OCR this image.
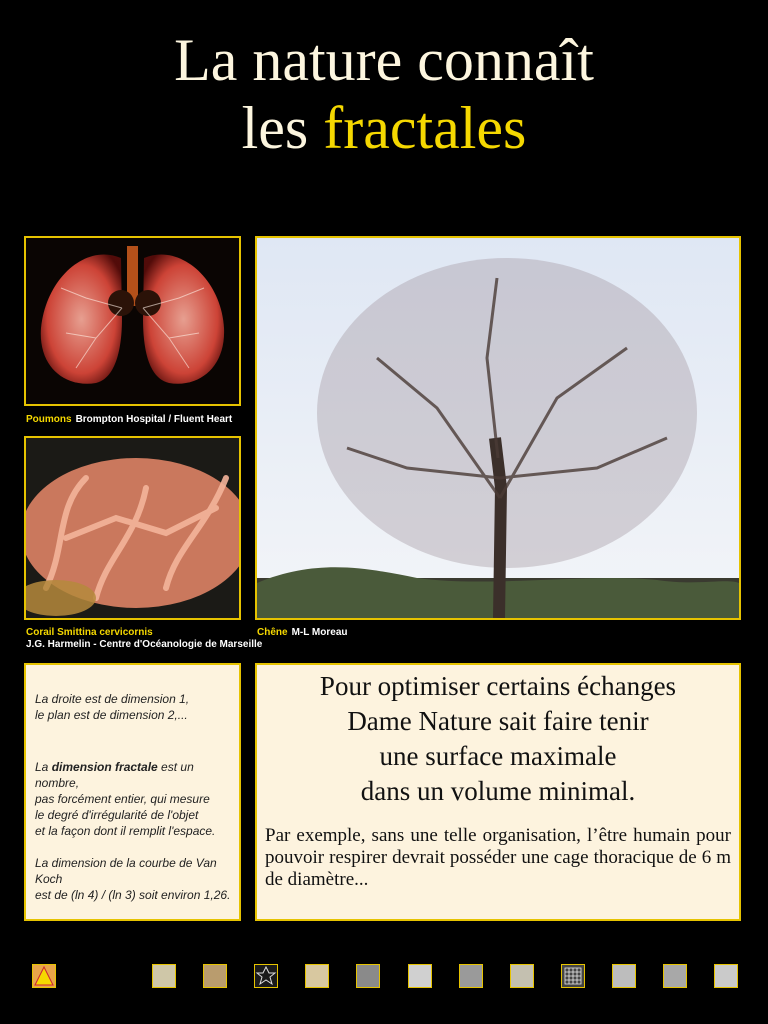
La nature connaît
les fractales
Poumons Brompton Hospital / Fluent Heart
Corail Smittina cervicornis
J.G. Harmelin - Centre d'Océanologie de Marseille
Chêne M-L Moreau

La droite est de dimension 1,

le plan est de dimension 2,...

La dimension fractale est un nombre,

pas forcément entier, qui mesure

le degré d'irrégularité de l'objet

et la façon dont il remplit l'espace.

La dimension de la courbe de Van Koch

est de (ln 4) / (ln 3) soit environ 1,26.

Pour optimiser certains échanges
Dame Nature sait faire tenir
une surface maximale
dans un volume minimal.
Par exemple, sans une telle organisation, l’être humain pour pouvoir respirer devrait posséder une cage thoracique de 6 m de diamètre...
